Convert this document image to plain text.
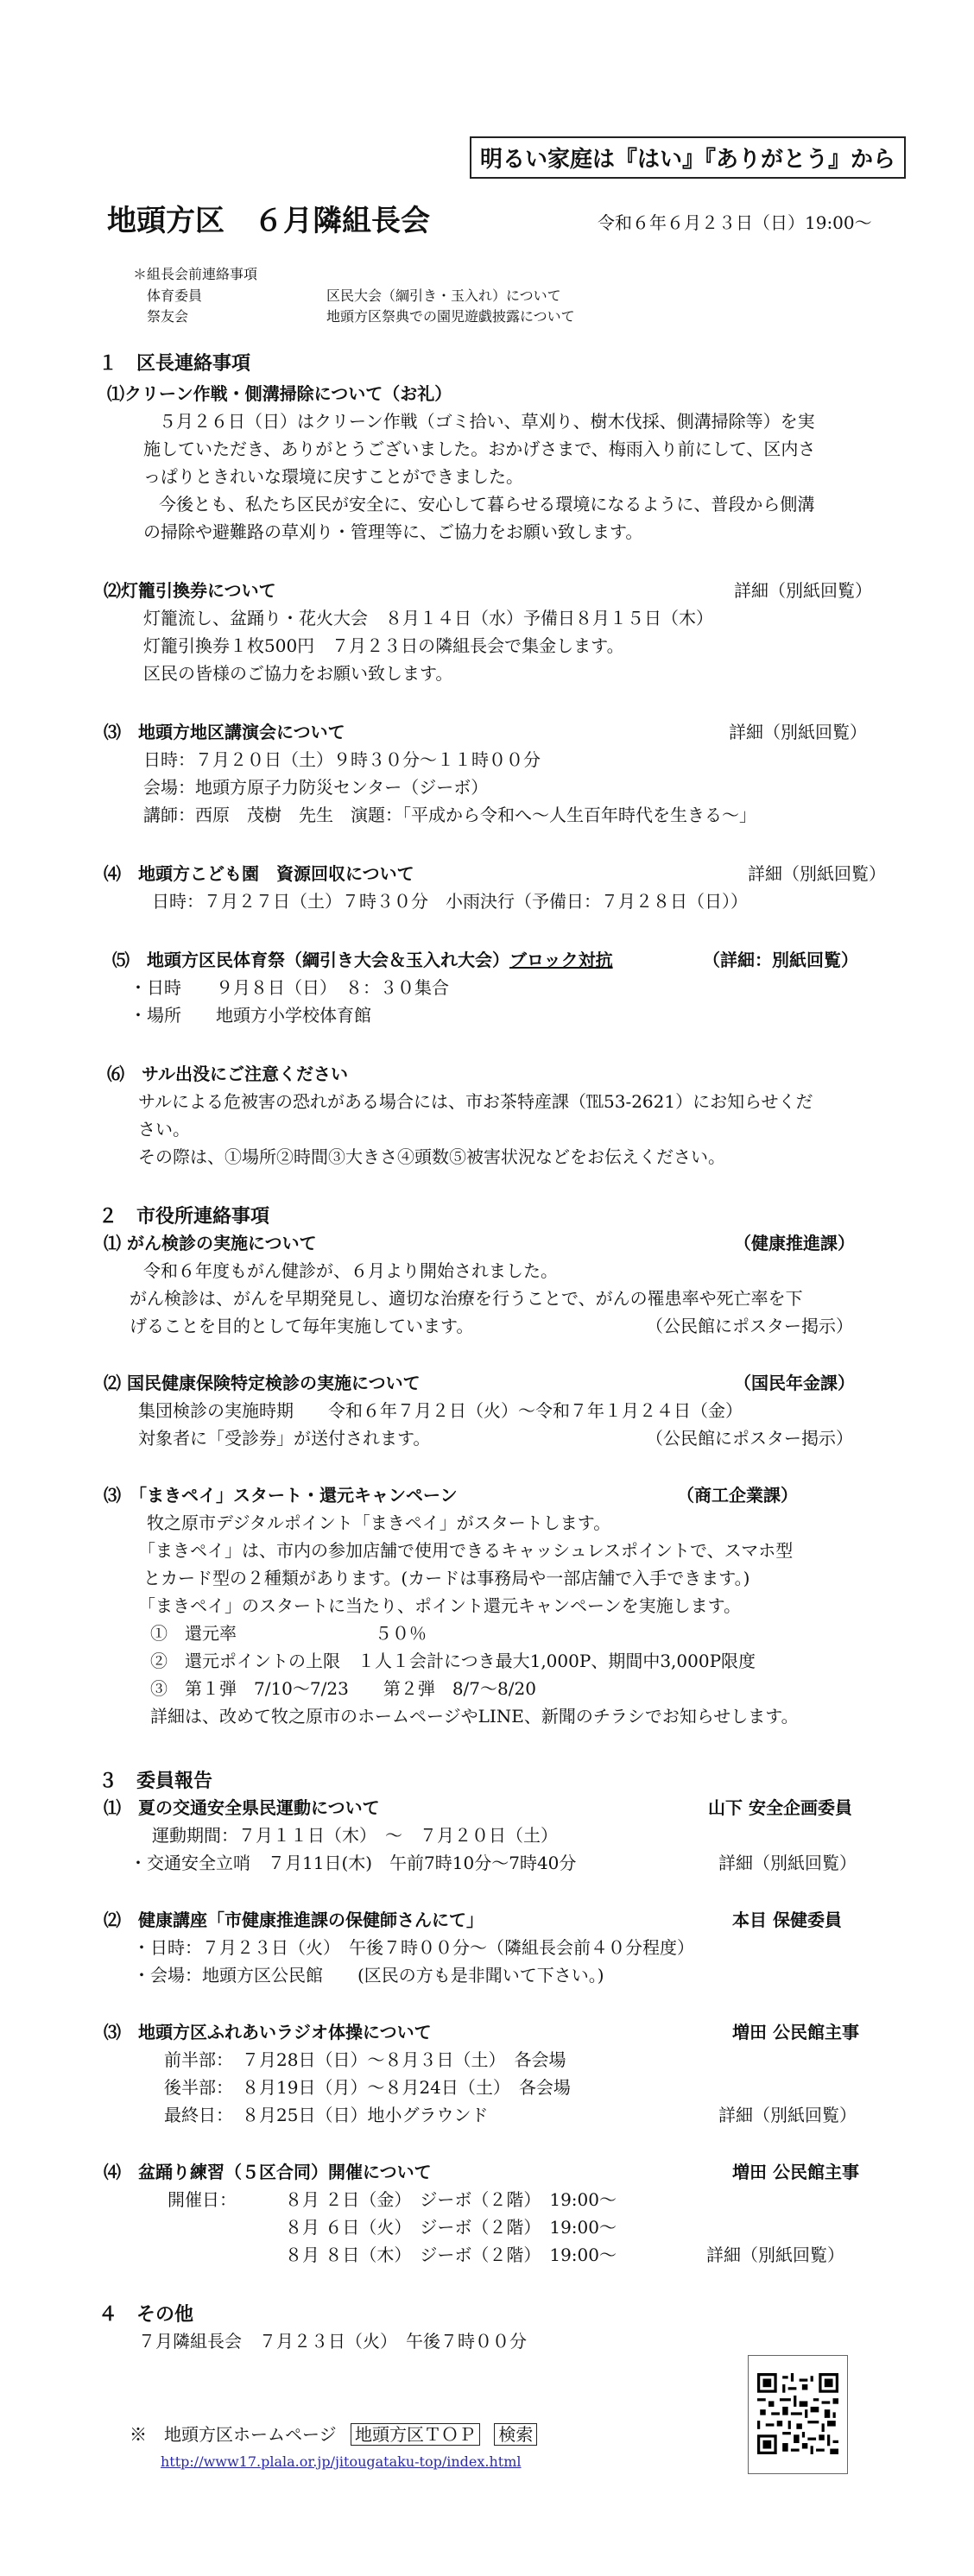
明るい家庭は『はい』『ありがとう』から
地頭方区　６月隣組長会	令和６年６月２３日（日）19:00～
＊組長会前連絡事項
体育委員	区民大会（綱引き・玉入れ）について
祭友会	地頭方区祭典での園児遊戯披露について
１　区長連絡事項
⑴クリーン作戦・側溝掃除について（お礼）
５月２６日（日）はクリーン作戦（ゴミ拾い、草刈り、樹木伐採、側溝掃除等）を実
施していただき、ありがとうございました。おかげさまで、梅雨入り前にして、区内さ
っぱりときれいな環境に戻すことができました。
今後とも、私たち区民が安全に、安心して暮らせる環境になるように、普段から側溝
の掃除や避難路の草刈り・管理等に、ご協力をお願い致します。
⑵灯籠引換券について	詳細（別紙回覧）
灯籠流し、盆踊り・花火大会　８月１４日（水）予備日８月１５日（木）
灯籠引換券１枚500円　７月２３日の隣組長会で集金します。
区民の皆様のご協力をお願い致します。
⑶　地頭方地区講演会について	詳細（別紙回覧）
日時：７月２０日（土）９時３０分～１１時００分
会場：地頭方原子力防災センター（ジーボ）
講師：西原　茂樹　先生　演題：「平成から令和へ～人生百年時代を生きる～」
⑷　地頭方こども園　資源回収について	詳細（別紙回覧）
日時：７月２７日（土）７時３０分　小雨決行（予備日：７月２８日（日））
⑸　地頭方区民体育祭（綱引き大会＆玉入れ大会）ブロック対抗	（詳細：別紙回覧）
・日時　　９月８日（日）　８：３０集合
・場所　　地頭方小学校体育館
⑹　サル出没にご注意ください
サルによる危被害の恐れがある場合には、市お茶特産課（℡53-2621）にお知らせくだ
さい。
その際は、①場所②時間③大きさ④頭数⑤被害状況などをお伝えください。
２　市役所連絡事項
⑴ がん検診の実施について	（健康推進課）
令和６年度もがん健診が、６月より開始されました。
がん検診は、がんを早期発見し、適切な治療を行うことで、がんの罹患率や死亡率を下
げることを目的として毎年実施しています。	（公民館にポスター掲示）
⑵ 国民健康保険特定検診の実施について	（国民年金課）
集団検診の実施時期　　令和６年７月２日（火）～令和７年１月２４日（金）
対象者に「受診券」が送付されます。	（公民館にポスター掲示）
⑶　「まきペイ」スタート・還元キャンペーン	（商工企業課）
牧之原市デジタルポイント「まきペイ」がスタートします。
「まきペイ」は、市内の参加店舗で使用できるキャッシュレスポイントで、スマホ型
とカード型の２種類があります。(カードは事務局や一部店舗で入手できます。)
「まきペイ」のスタートに当たり、ポイント還元キャンペーンを実施します。
①　還元率　　　　　　　　５０％
②　還元ポイントの上限　１人１会計につき最大1,000P、期間中3,000P限度
③　第１弾　7/10～7/23　　第２弾　8/7～8/20
詳細は、改めて牧之原市のホームページやLINE、新聞のチラシでお知らせします。
３　委員報告
⑴　夏の交通安全県民運動について	山下 安全企画委員
運動期間：７月１１日（木）　～　７月２０日（土）
・交通安全立哨　７月11日(木)　午前7時10分～7時40分	詳細（別紙回覧）
⑵　健康講座「市健康推進課の保健師さんにて」	本目 保健委員
・日時：７月２３日（火）　午後７時００分～（隣組長会前４０分程度）
・会場：地頭方区公民館　　(区民の方も是非聞いて下さい。)
⑶　地頭方区ふれあいラジオ体操について	増田 公民館主事
前半部：　７月28日（日）～８月３日（土）　各会場
後半部：　８月19日（月）～８月24日（土）　各会場
最終日：　８月25日（日）地小グラウンド	詳細（別紙回覧）
⑷　盆踊り練習（５区合同）開催について	増田 公民館主事
開催日：	８月 ２日（金）　ジーボ（２階）　19:00～
８月 ６日（火）　ジーボ（２階）　19:00～
８月 ８日（木）　ジーボ（２階）　19:00～	詳細（別紙回覧）
４　その他
７月隣組長会　７月２３日（火）　午後７時００分
※　地頭方区ホームページ 地頭方区ＴＯＰ 検索
http://www17.plala.or.jp/jitougataku-top/index.html
